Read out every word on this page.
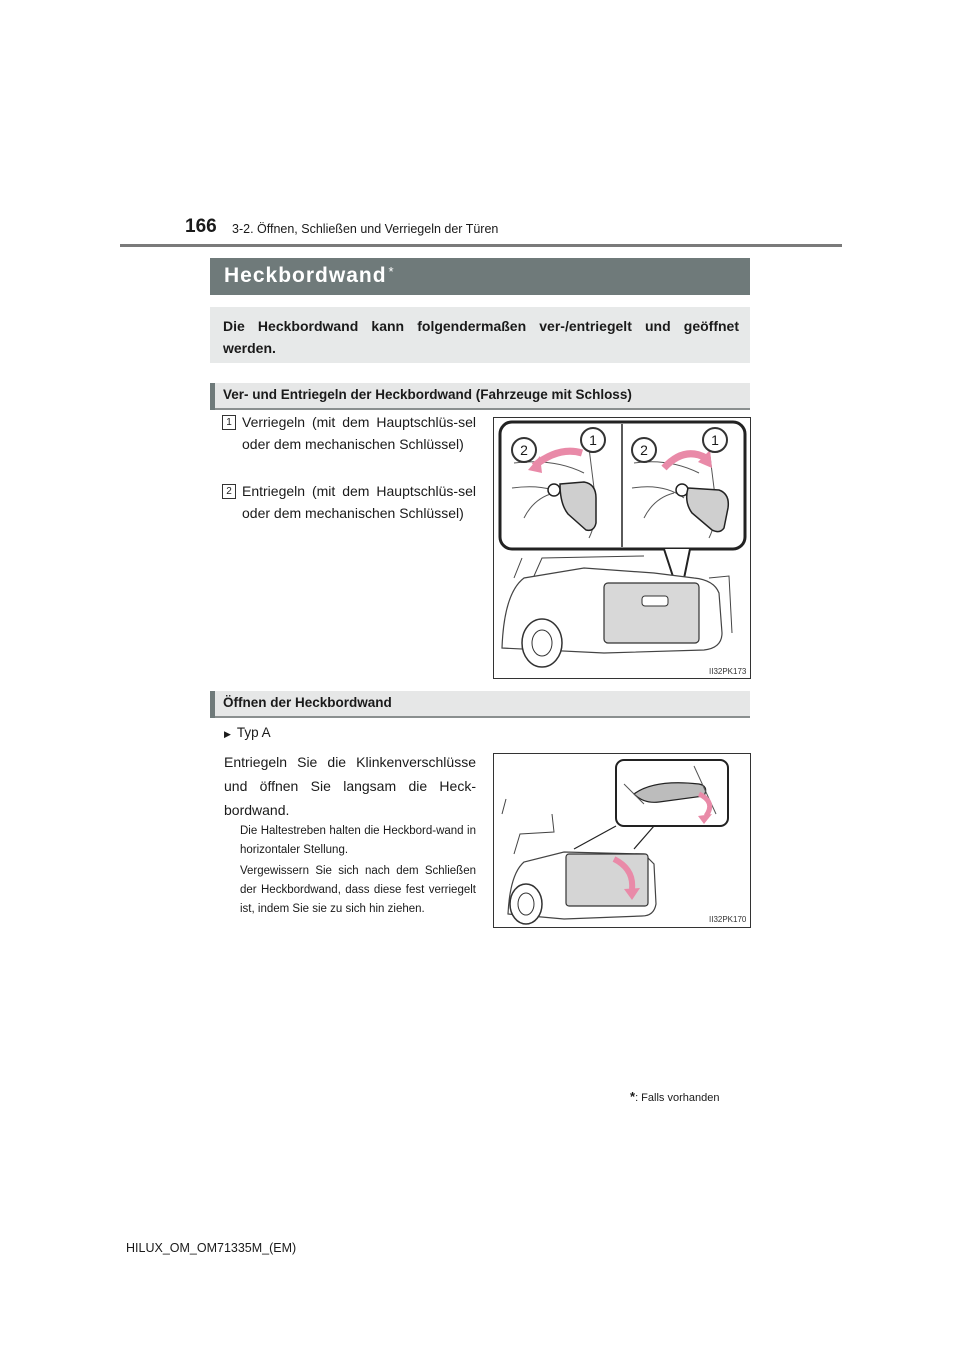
166 3-2. Öffnen, Schließen und Verriegeln der Türen
Heckbordwand *
Die Heckbordwand kann folgendermaßen ver-/entriegelt und geöffnet werden.
Ver- und Entriegeln der Heckbordwand (Fahrzeuge mit Schloss)
1 Verriegeln (mit dem Hauptschlüs-sel oder dem mechanischen Schlüssel)
2 Entriegeln (mit dem Hauptschlüs-sel oder dem mechanischen Schlüssel)
2
1
2
1
II32PK173
Öffnen der Heckbordwand
▶ Typ A
Entriegeln Sie die Klinkenverschlüsse und öffnen Sie langsam die Heck-bordwand.
Die Haltestreben halten die Heckbord-wand in horizontaler Stellung.
Vergewissern Sie sich nach dem Schließen der Heckbordwand, dass diese fest verriegelt ist, indem Sie sie zu sich hin ziehen.
II32PK170
*: Falls vorhanden
HILUX_OM_OM71335M_(EM)
